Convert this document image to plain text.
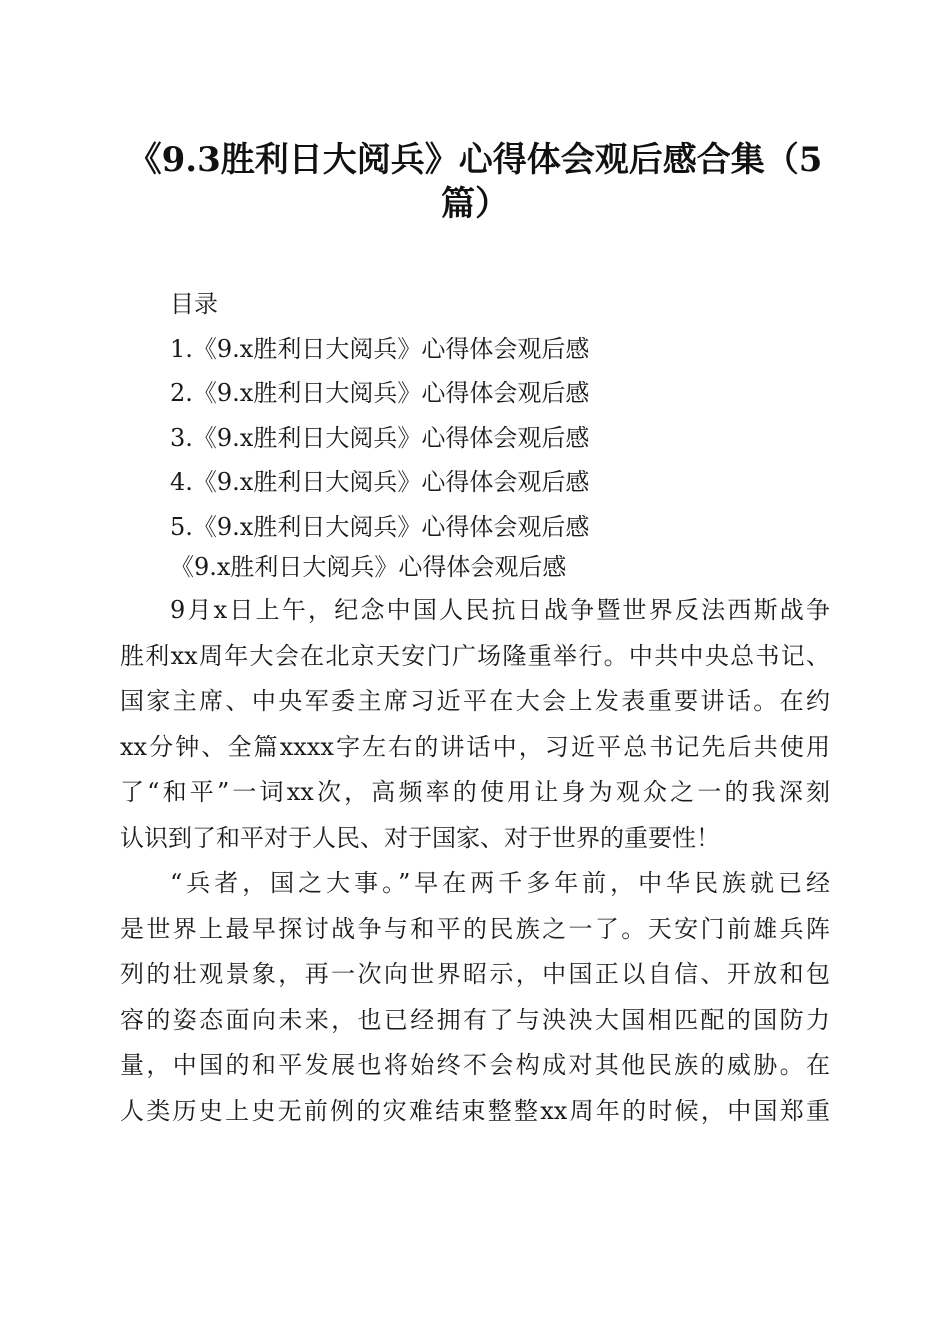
《9.3胜利日大阅兵》心得体会观后感合集（5
篇）
目录
1.《9.x胜利日大阅兵》心得体会观后感
2.《9.x胜利日大阅兵》心得体会观后感
3.《9.x胜利日大阅兵》心得体会观后感
4.《9.x胜利日大阅兵》心得体会观后感
5.《9.x胜利日大阅兵》心得体会观后感
《9.x胜利日大阅兵》心得体会观后感

9月x日上午，纪念中国人民抗日战争暨世界反法西斯战争
胜利xx周年大会在北京天安门广场隆重举行。中共中央总书记、
国家主席、中央军委主席习近平在大会上发表重要讲话。在约
xx分钟、全篇xxxx字左右的讲话中，习近平总书记先后共使用
了“和平”一词xx次，高频率的使用让身为观众之一的我深刻
认识到了和平对于人民、对于国家、对于世界的重要性！

“兵者，国之大事。”早在两千多年前，中华民族就已经
是世界上最早探讨战争与和平的民族之一了。天安门前雄兵阵
列的壮观景象，再一次向世界昭示，中国正以自信、开放和包
容的姿态面向未来，也已经拥有了与泱泱大国相匹配的国防力
量，中国的和平发展也将始终不会构成对其他民族的威胁。在
人类历史上史无前例的灾难结束整整xx周年的时候，中国郑重
